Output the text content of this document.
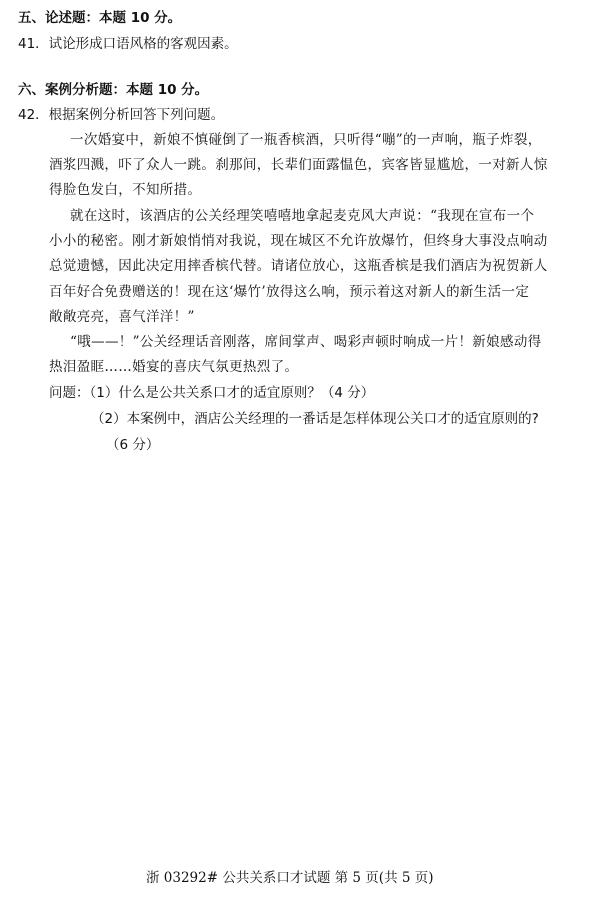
五、论述题：本题 10 分。
41．试论形成口语风格的客观因素。
六、案例分析题：本题 10 分。
42．根据案例分析回答下列问题。
一次婚宴中，新娘不慎碰倒了一瓶香槟酒，只听得“嘣”的一声响，瓶子炸裂，
酒浆四溅，吓了众人一跳。刹那间，长辈们面露愠色，宾客皆显尴尬，一对新人惊
得脸色发白，不知所措。
就在这时，该酒店的公关经理笑嘻嘻地拿起麦克风大声说：“我现在宣布一个
小小的秘密。刚才新娘悄悄对我说，现在城区不允许放爆竹，但终身大事没点响动
总觉遗憾，因此决定用摔香槟代替。请诸位放心，这瓶香槟是我们酒店为祝贺新人
百年好合免费赠送的！现在这‘爆竹’放得这么响，预示着这对新人的新生活一定
敞敞亮亮，喜气洋洋！”
“哦——！”公关经理话音刚落，席间掌声、喝彩声顿时响成一片！新娘感动得
热泪盈眶……婚宴的喜庆气氛更热烈了。
问题：（1）什么是公共关系口才的适宜原则？（4 分）
（2）本案例中，酒店公关经理的一番话是怎样体现公关口才的适宜原则的?
（6 分）
浙 03292# 公共关系口才试题 第 5 页(共 5 页)
